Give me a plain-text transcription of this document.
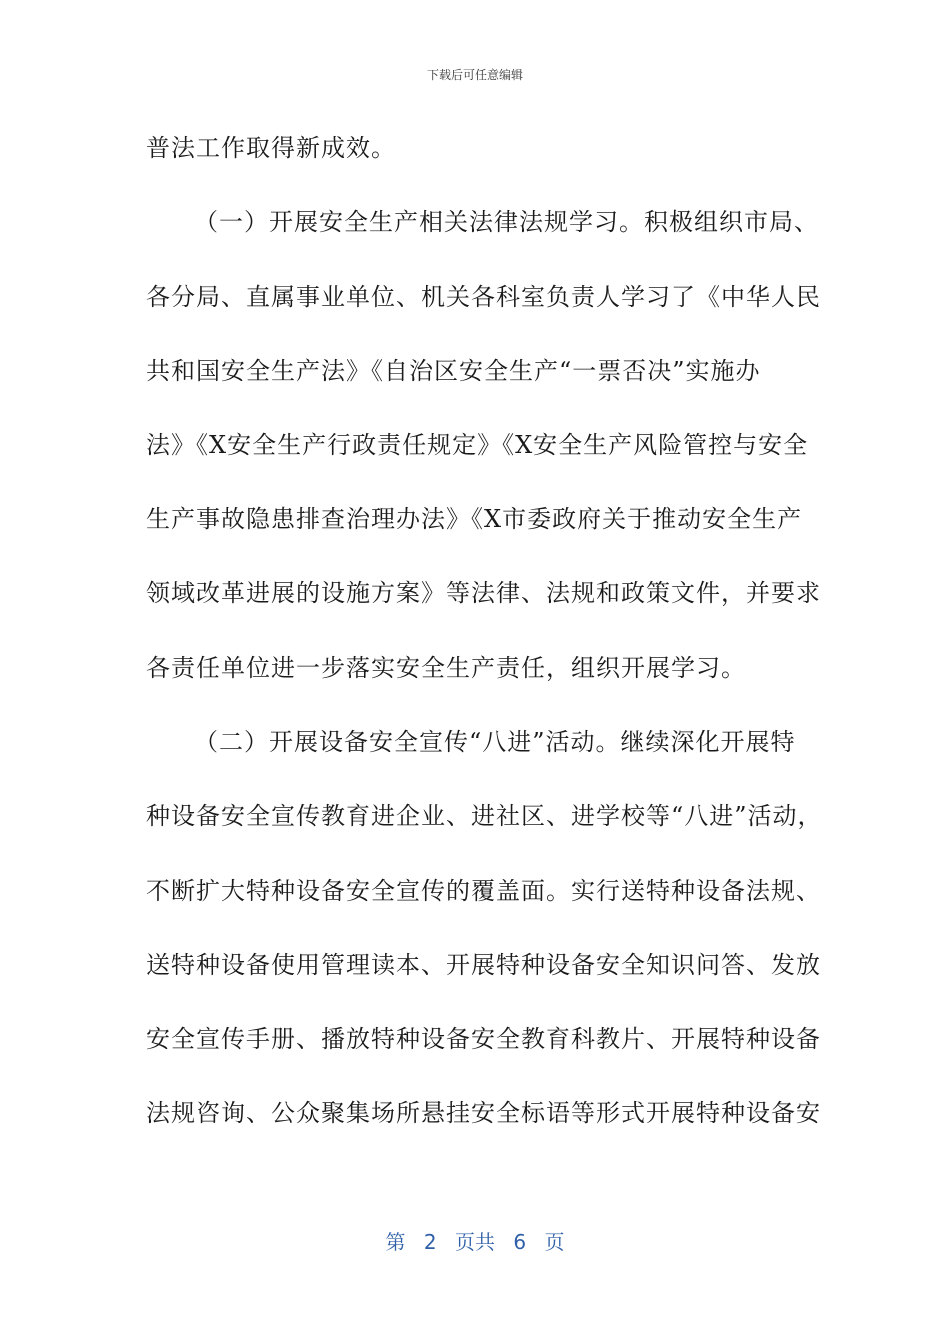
下载后可任意编辑
普法工作取得新成效。
（一）开展安全生产相关法律法规学习。积极组织市局、
各分局、直属事业单位、机关各科室负责人学习了《中华人民
共和国安全生产法》《自治区安全生产“一票否决”实施办
法》《X安全生产行政责任规定》《X安全生产风险管控与安全
生产事故隐患排查治理办法》《X市委政府关于推动安全生产
领域改革进展的设施方案》等法律、法规和政策文件，并要求
各责任单位进一步落实安全生产责任，组织开展学习。
（二）开展设备安全宣传“八进”活动。继续深化开展特
种设备安全宣传教育进企业、进社区、进学校等“八进”活动，
不断扩大特种设备安全宣传的覆盖面。实行送特种设备法规、
送特种设备使用管理读本、开展特种设备安全知识问答、发放
安全宣传手册、播放特种设备安全教育科教片、开展特种设备
法规咨询、公众聚集场所悬挂安全标语等形式开展特种设备安
第 2 页共 6 页
